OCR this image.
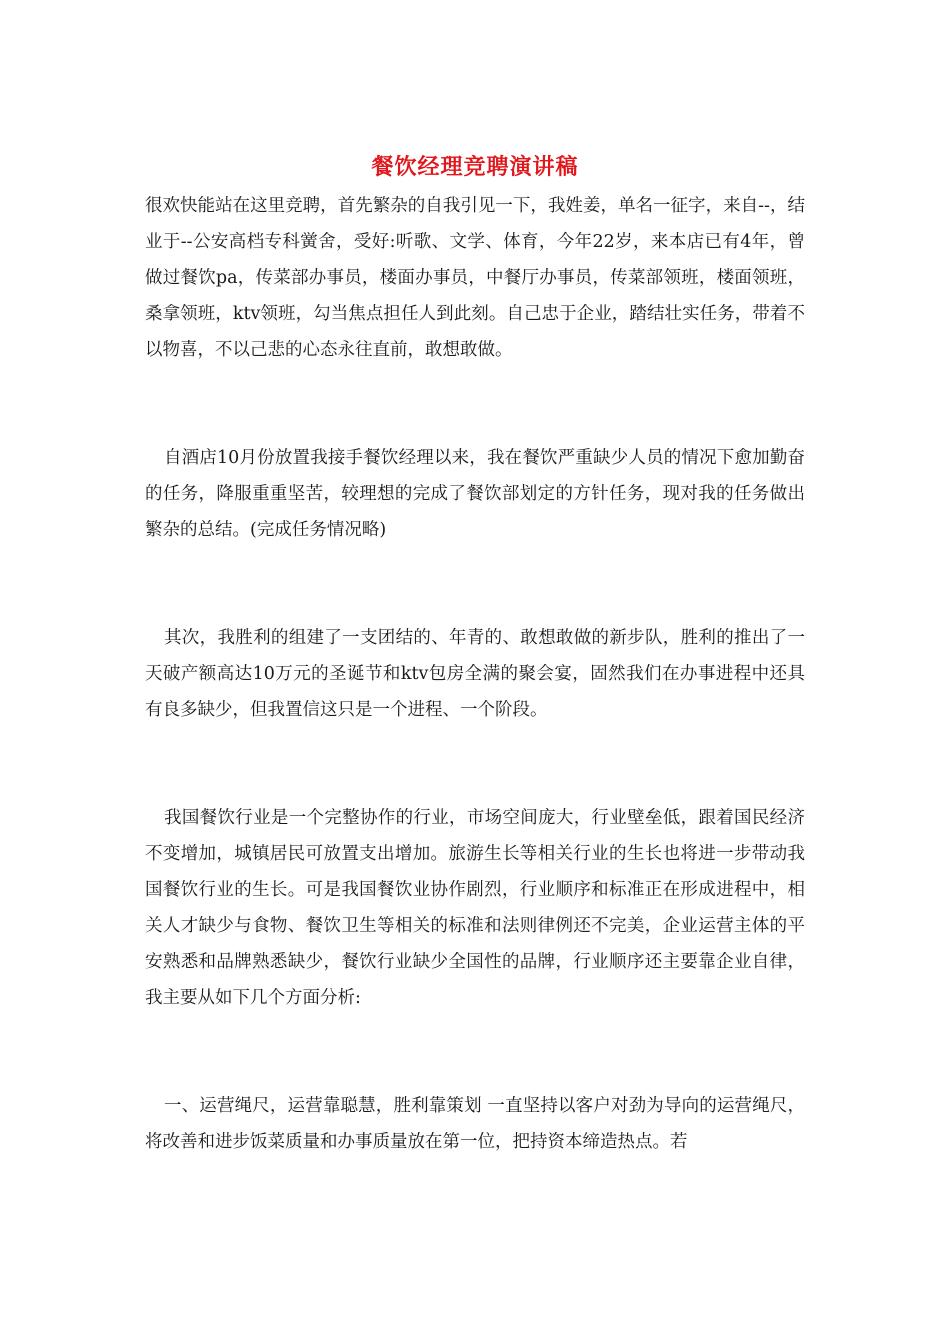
餐饮经理竞聘演讲稿

很欢快能站在这里竞聘，首先繁杂的自我引见一下，我姓姜，单名一征字，来自--，结业于--公安高档专科黉舍，受好:听歌、文学、体育，今年22岁，来本店已有4年，曾做过餐饮pa，传菜部办事员，楼面办事员，中餐厅办事员，传菜部领班，楼面领班，桑拿领班，ktv领班，勾当焦点担任人到此刻。自己忠于企业，踏结壮实任务，带着不以物喜，不以己悲的心态永往直前，敢想敢做。

自酒店10月份放置我接手餐饮经理以来，我在餐饮严重缺少人员的情况下愈加勤奋的任务，降服重重坚苦，较理想的完成了餐饮部划定的方针任务，现对我的任务做出繁杂的总结。(完成任务情况略)

其次，我胜利的组建了一支团结的、年青的、敢想敢做的新步队，胜利的推出了一天破产额高达10万元的圣诞节和ktv包房全满的聚会宴，固然我们在办事进程中还具有良多缺少，但我置信这只是一个进程、一个阶段。

我国餐饮行业是一个完整协作的行业，市场空间庞大，行业壁垒低，跟着国民经济不变增加，城镇居民可放置支出增加。旅游生长等相关行业的生长也将进一步带动我国餐饮行业的生长。可是我国餐饮业协作剧烈，行业顺序和标准正在形成进程中，相关人才缺少与食物、餐饮卫生等相关的标准和法则律例还不完美，企业运营主体的平安熟悉和品牌熟悉缺少，餐饮行业缺少全国性的品牌，行业顺序还主要靠企业自律，我主要从如下几个方面分析:

一、运营绳尺，运营靠聪慧，胜利靠策划 一直坚持以客户对劲为导向的运营绳尺，将改善和进步饭菜质量和办事质量放在第一位，把持资本缔造热点。若
